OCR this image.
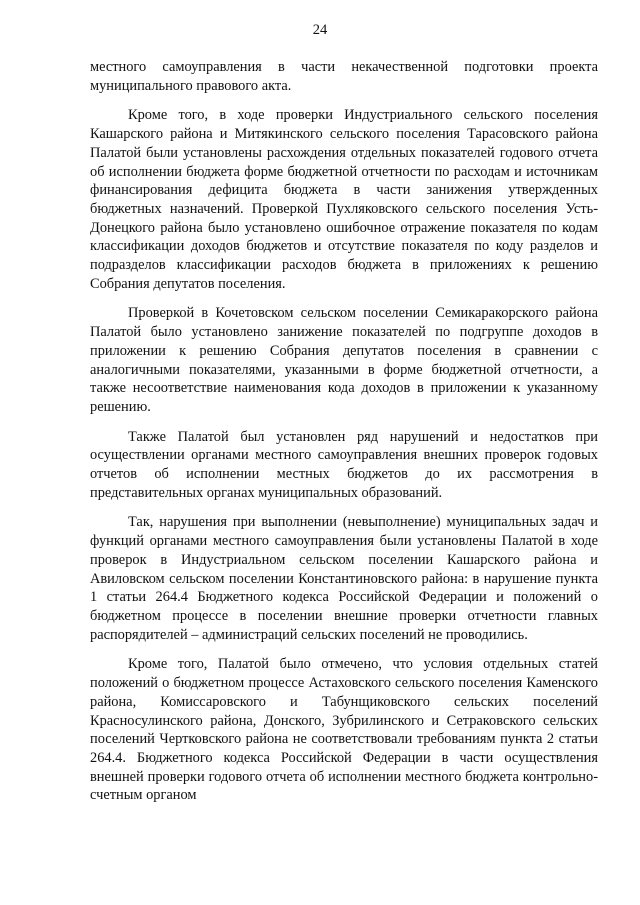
24

местного самоуправления в части некачественной подготовки проекта муниципального правового акта.

Кроме того, в ходе проверки Индустриального сельского поселения Кашарского района и Митякинского сельского поселения Тарасовского района Палатой были установлены расхождения отдельных показателей годового отчета об исполнении бюджета форме бюджетной отчетности по расходам и источникам финансирования дефицита бюджета в части занижения утвержденных бюджетных назначений. Проверкой Пухляковского сельского поселения Усть-Донецкого района было установлено ошибочное отражение показателя по кодам классификации доходов бюджетов и отсутствие показателя по коду разделов и подразделов классификации расходов бюджета в приложениях к решению Собрания депутатов поселения.

Проверкой в Кочетовском сельском поселении Семикаракорского района Палатой было установлено занижение показателей по подгруппе доходов в приложении к решению Собрания депутатов поселения в сравнении с аналогичными показателями, указанными в форме бюджетной отчетности, а также несоответствие наименования кода доходов в приложении к указанному решению.

Также Палатой был установлен ряд нарушений и недостатков при осуществлении органами местного самоуправления внешних проверок годовых отчетов об исполнении местных бюджетов до их рассмотрения в представительных органах муниципальных образований.

Так, нарушения при выполнении (невыполнение) муниципальных задач и функций органами местного самоуправления были установлены Палатой в ходе проверок в Индустриальном сельском поселении Кашарского района и Авиловском сельском поселении Константиновского района: в нарушение пункта 1 статьи 264.4 Бюджетного кодекса Российской Федерации и положений о бюджетном процессе в поселении внешние проверки отчетности главных распорядителей – администраций сельских поселений не проводились.

Кроме того, Палатой было отмечено, что условия отдельных статей положений о бюджетном процессе Астаховского сельского поселения Каменского района, Комиссаровского и Табунщиковского сельских поселений Красносулинского района, Донского, Зубрилинского и Сетраковского сельских поселений Чертковского района не соответствовали требованиям пункта 2 статьи 264.4. Бюджетного кодекса Российской Федерации в части осуществления внешней проверки годового отчета об исполнении местного бюджета контрольно-счетным органом
